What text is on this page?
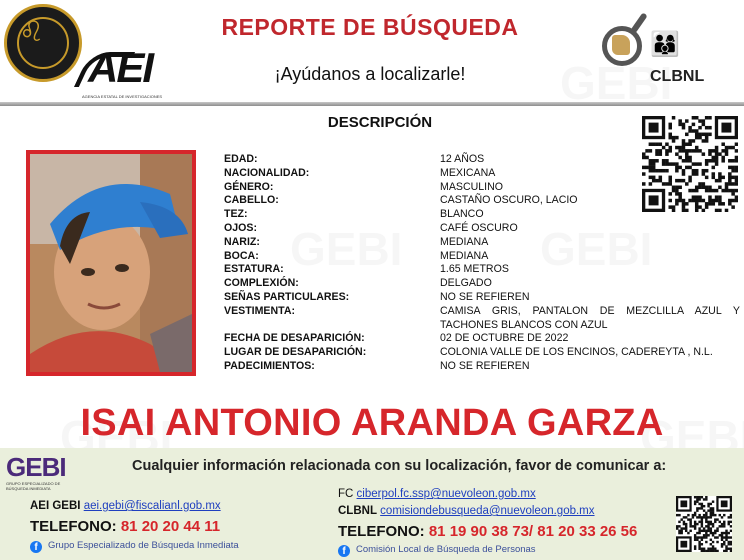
♌
AEI
AGENCIA ESTATAL DE INVESTIGACIONES
REPORTE DE BÚSQUEDA
¡Ayúdanos a localizarle!
👨‍👩‍👦
CLBNL
DESCRIPCIÓN
EDAD:	12 AÑOS
NACIONALIDAD:	MEXICANA
GÉNERO:	MASCULINO
CABELLO:	CASTAÑO OSCURO, LACIO
TEZ:	BLANCO
OJOS:	CAFÉ OSCURO
NARIZ:	MEDIANA
BOCA:	MEDIANA
ESTATURA:	1.65 METROS
COMPLEXIÓN:	DELGADO
SEÑAS PARTICULARES:	NO SE REFIEREN
VESTIMENTA:	CAMISA GRIS, PANTALON DE MEZCLILLA AZUL Y TACHONES BLANCOS CON AZUL
FECHA DE DESAPARICIÓN:	02 DE OCTUBRE DE 2022
LUGAR DE DESAPARICIÓN:	COLONIA VALLE DE LOS ENCINOS, CADEREYTA , N.L.
PADECIMIENTOS:	NO SE REFIEREN
ISAI ANTONIO ARANDA GARZA
GEBI
GRUPO ESPECIALIZADO DE BÚSQUEDA INMEDIATA
Cualquier información relacionada con su localización, favor de comunicar a:
AEI GEBI aei.gebi@fiscalianl.gob.mx
TELEFONO: 81 20 20 44 11
f Grupo Especializado de Búsqueda Inmediata
FC ciberpol.fc.ssp@nuevoleon.gob.mx
CLBNL comisiondebusqueda@nuevoleon.gob.mx
TELEFONO: 81 19 90 38 73/ 81 20 33 26 56
f Comisión Local de Búsqueda de Personas
